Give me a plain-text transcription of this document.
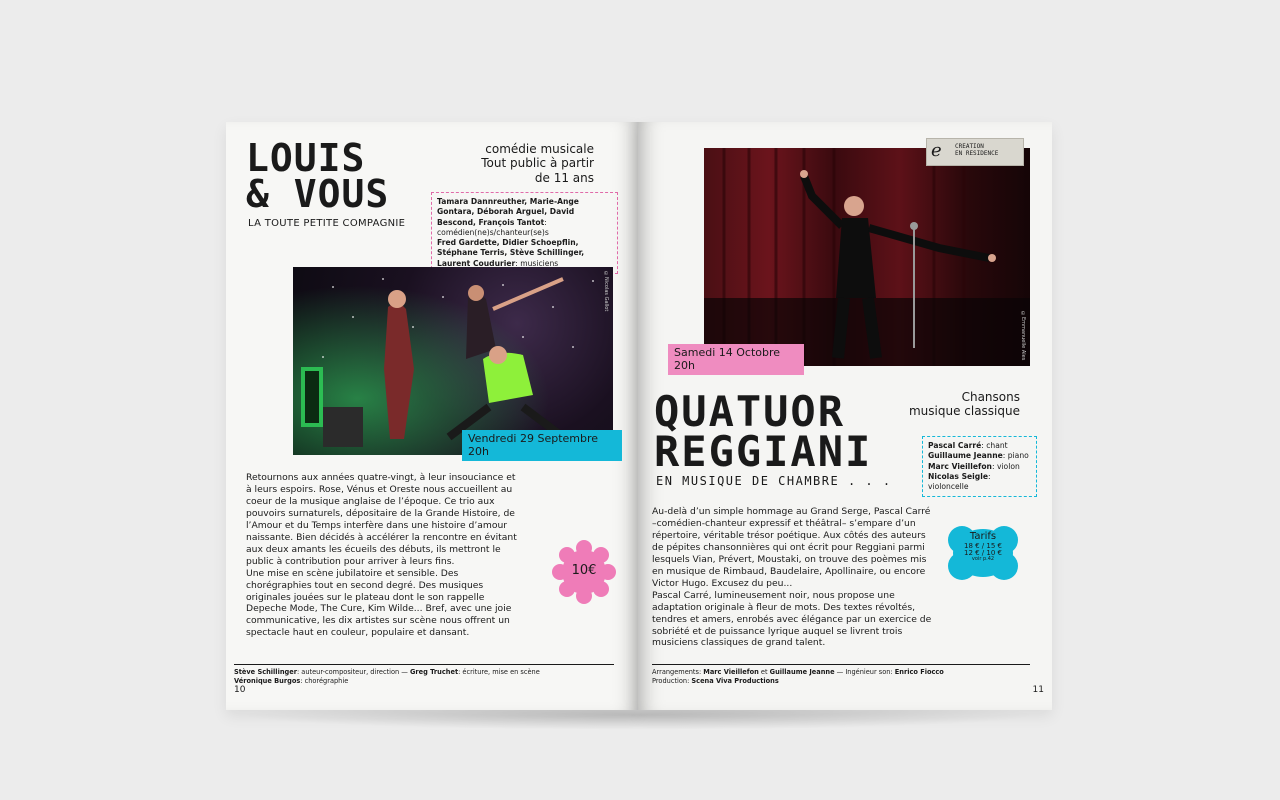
LOUIS & VOUS
LA TOUTE PETITE COMPAGNIE
comédie musicale
Tout public à partir
de 11 ans
Tamara Dannreuther, Marie-Ange Gontara, Déborah Arguel, David Bescond, François Tantot: comédien(ne)s/chanteur(se)s
Fred Gardette, Didier Schoepflin, Stéphane Terris, Stève Schillinger, Laurent Coudurier: musiciens
©Nicolas Gallot
Vendredi 29 Septembre
20h
Retournons aux années quatre-vingt, à leur insouciance et à leurs espoirs. Rose, Vénus et Oreste nous accueillent au coeur de la musique anglaise de l’époque. Ce trio aux pouvoirs surnaturels, dépositaire de la Grande Histoire, de l’Amour et du Temps interfère dans une histoire d’amour naissante. Bien décidés à accélérer la rencontre en évitant aux deux amants les écueils des débuts, ils mettront le public à contribution pour arriver à leurs fins.
Une mise en scène jubilatoire et sensible. Des chorégraphies tout en second degré. Des musiques originales jouées sur le plateau dont le son rappelle Depeche Mode, The Cure, Kim Wilde... Bref, avec une joie communicative, les dix artistes sur scène nous offrent un spectacle haut en couleur, populaire et dansant.
10€
Stève Schillinger: auteur-compositeur, direction — Greg Truchet: écriture, mise en scène
Véronique Burgos: chorégraphie
10
©Emmanuelle Ales
e CREATION
EN RESIDENCE
Samedi 14 Octobre
20h
QUATUOR
REGGIANI
EN MUSIQUE DE CHAMBRE . . .
Chansons
musique classique
Pascal Carré: chant
Guillaume Jeanne: piano
Marc Vieillefon: violon
Nicolas Seigle: violoncelle
Tarifs
18 € / 15 €
12 € / 10 €
voir p.42
Au-delà d’un simple hommage au Grand Serge, Pascal Carré –comédien-chanteur expressif et théâtral– s’empare d’un répertoire, véritable trésor poétique. Aux côtés des auteurs de pépites chansonnières qui ont écrit pour Reggiani parmi lesquels Vian, Prévert, Moustaki, on trouve des poèmes mis en musique de Rimbaud, Baudelaire, Apollinaire, ou encore Victor Hugo. Excusez du peu...
Pascal Carré, lumineusement noir, nous propose une adaptation originale à fleur de mots. Des textes révoltés, tendres et amers, enrobés avec élégance par un exercice de sobriété et de puissance lyrique auquel se livrent trois musiciens classiques de grand talent.
Arrangements: Marc Vieillefon et Guillaume Jeanne — Ingénieur son: Enrico Fiocco
Production: Scena Viva Productions
11
